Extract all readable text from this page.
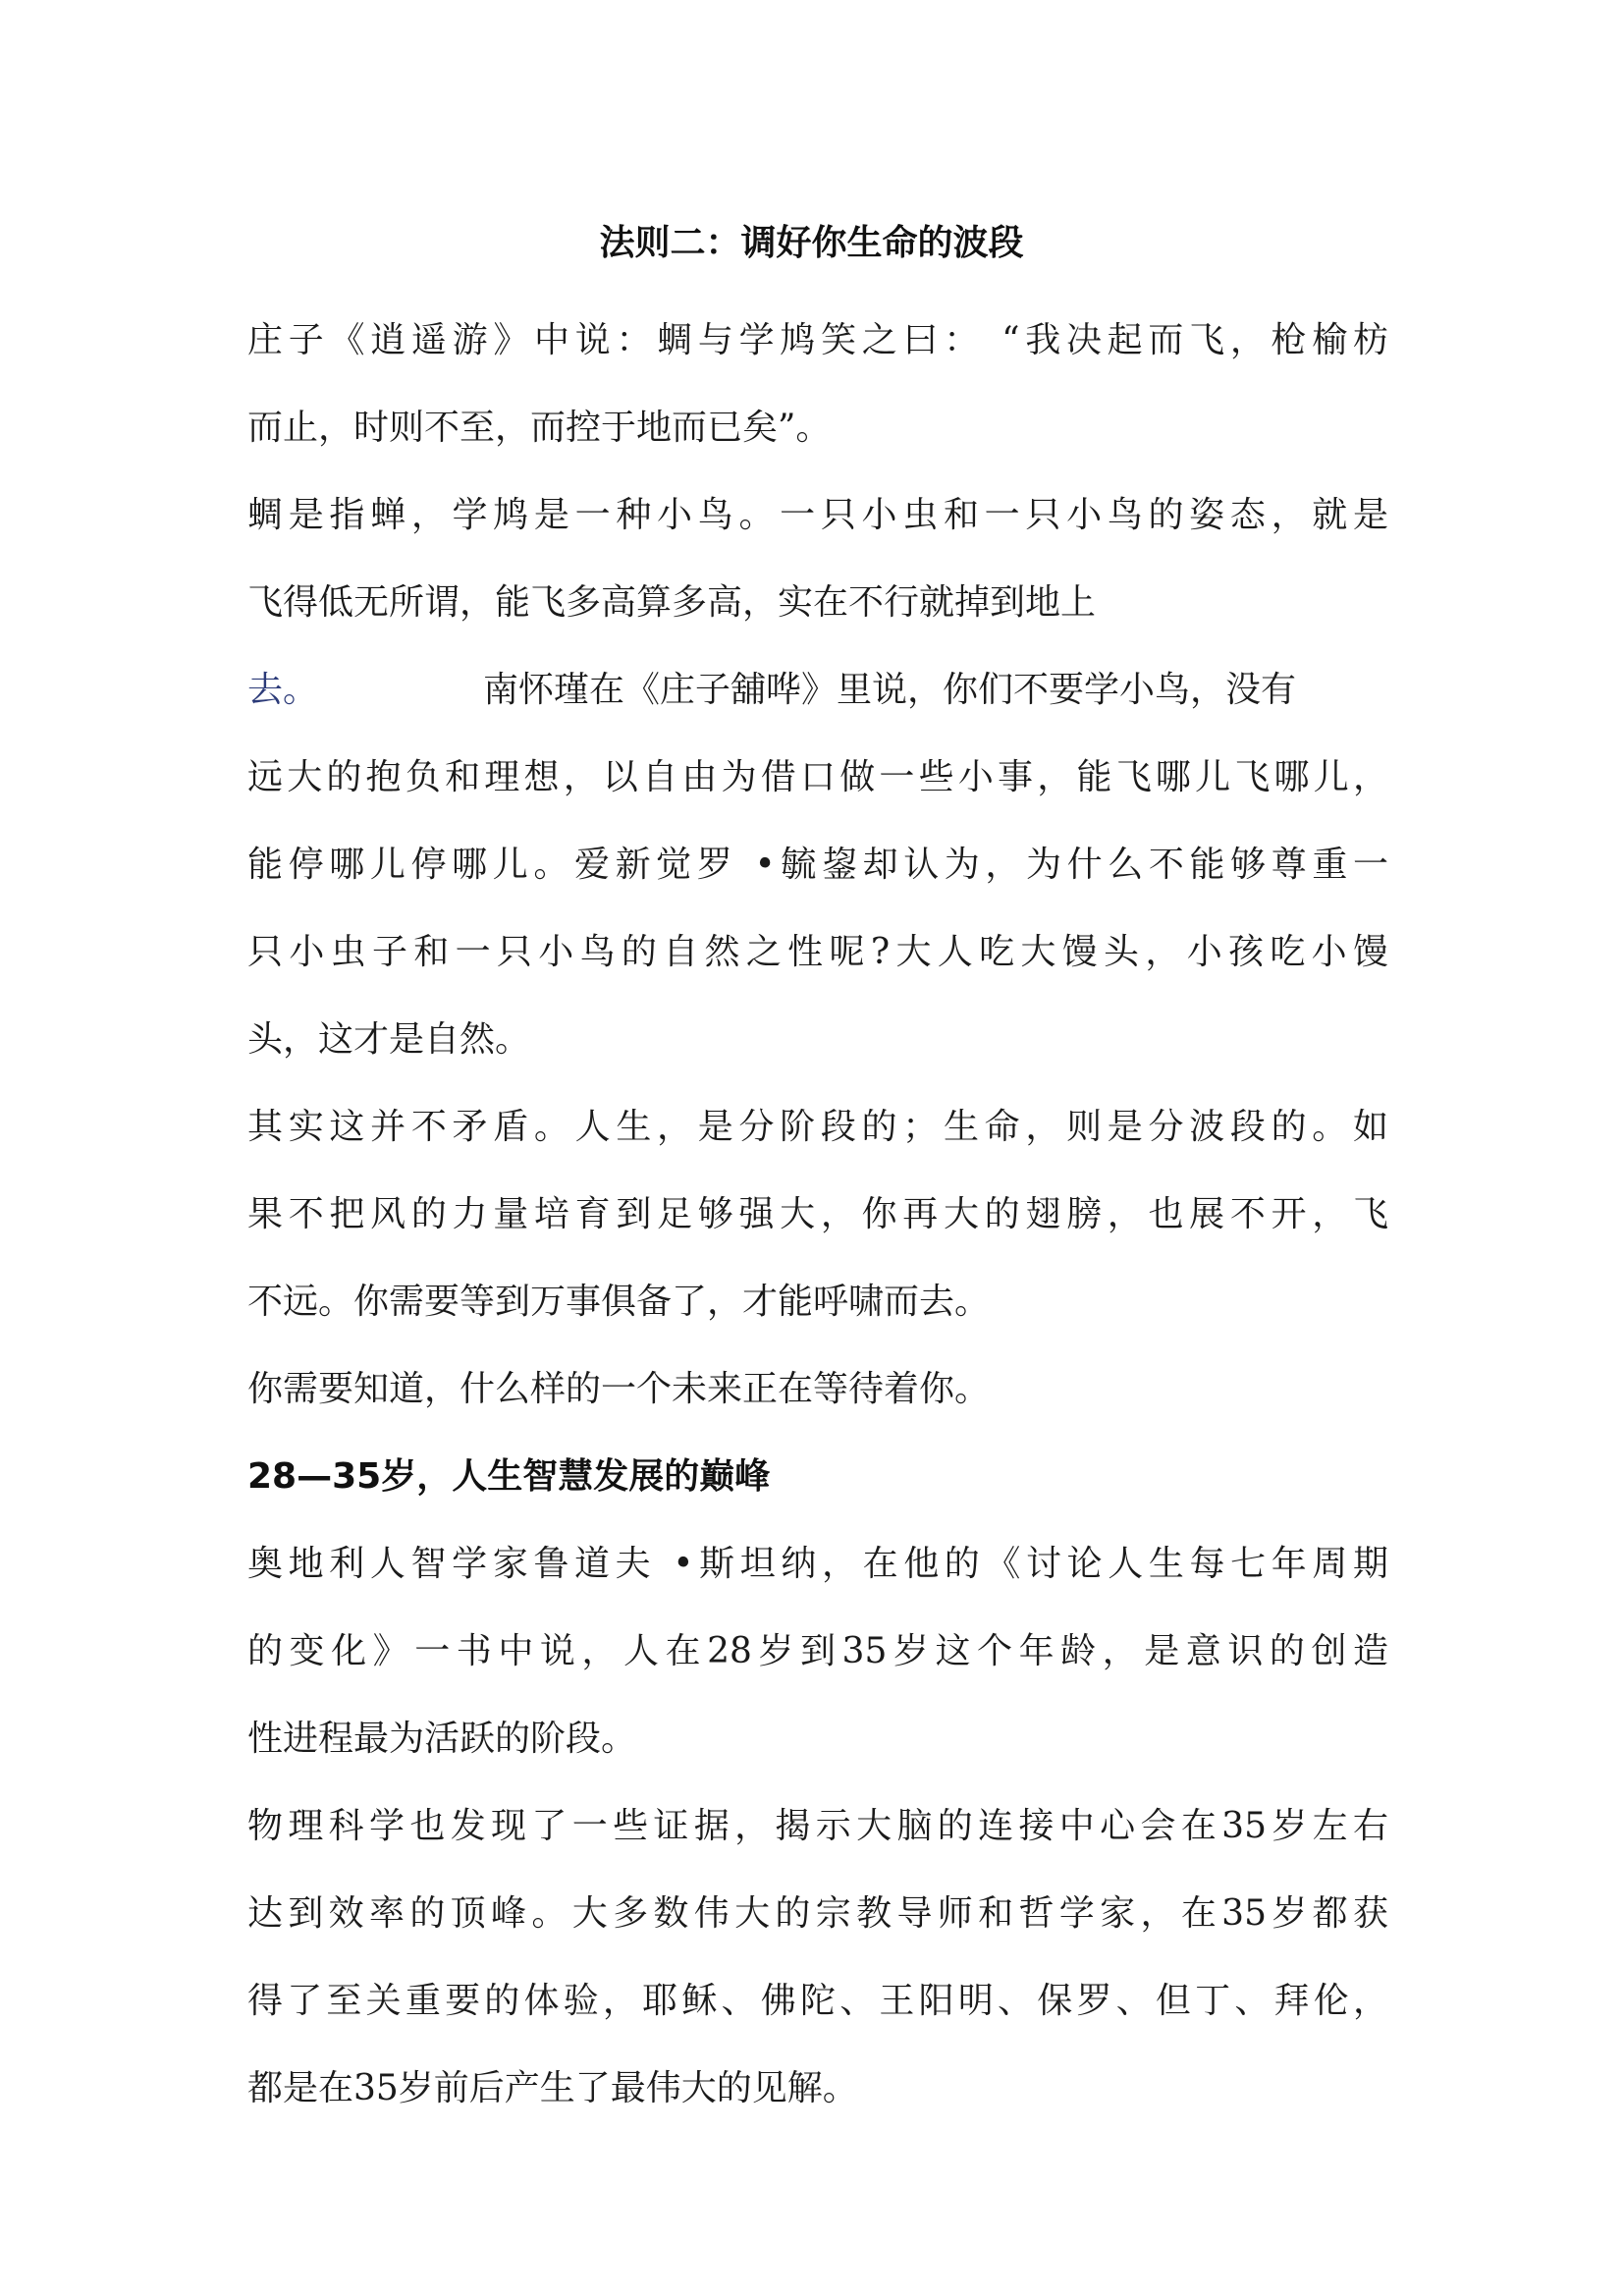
法则二：调好你生命的波段
庄子《逍遥游》中说：蜩与学鸠笑之曰： “我决起而飞，枪榆枋
而止，时则不至，而控于地而已矣”。
蜩是指蝉，学鸠是一种小鸟。一只小虫和一只小鸟的姿态，就是
飞得低无所谓，能飞多高算多高，实在不行就掉到地上
去。	南怀瑾在《庄子舖哗》里说，你们不要学小鸟，没有
远大的抱负和理想，以自由为借口做一些小事，能飞哪儿飞哪儿，
能停哪儿停哪儿。爱新觉罗 •毓鋆却认为，为什么不能够尊重一
只小虫子和一只小鸟的自然之性呢?大人吃大馒头，小孩吃小馒
头，这才是自然。
其实这并不矛盾。人生，是分阶段的；生命，则是分波段的。如
果不把风的力量培育到足够强大，你再大的翅膀，也展不开，飞
不远。你需要等到万事俱备了，才能呼啸而去。
你需要知道，什么样的一个未来正在等待着你。
28—35岁，人生智慧发展的巅峰
奥地利人智学家鲁道夫 •斯坦纳，在他的《讨论人生每七年周期
的变化》一书中说，人在28岁到35岁这个年龄，是意识的创造
性进程最为活跃的阶段。
物理科学也发现了一些证据，揭示大脑的连接中心会在35岁左右
达到效率的顶峰。大多数伟大的宗教导师和哲学家，在35岁都获
得了至关重要的体验，耶稣、佛陀、王阳明、保罗、但丁、拜伦，
都是在35岁前后产生了最伟大的见解。
